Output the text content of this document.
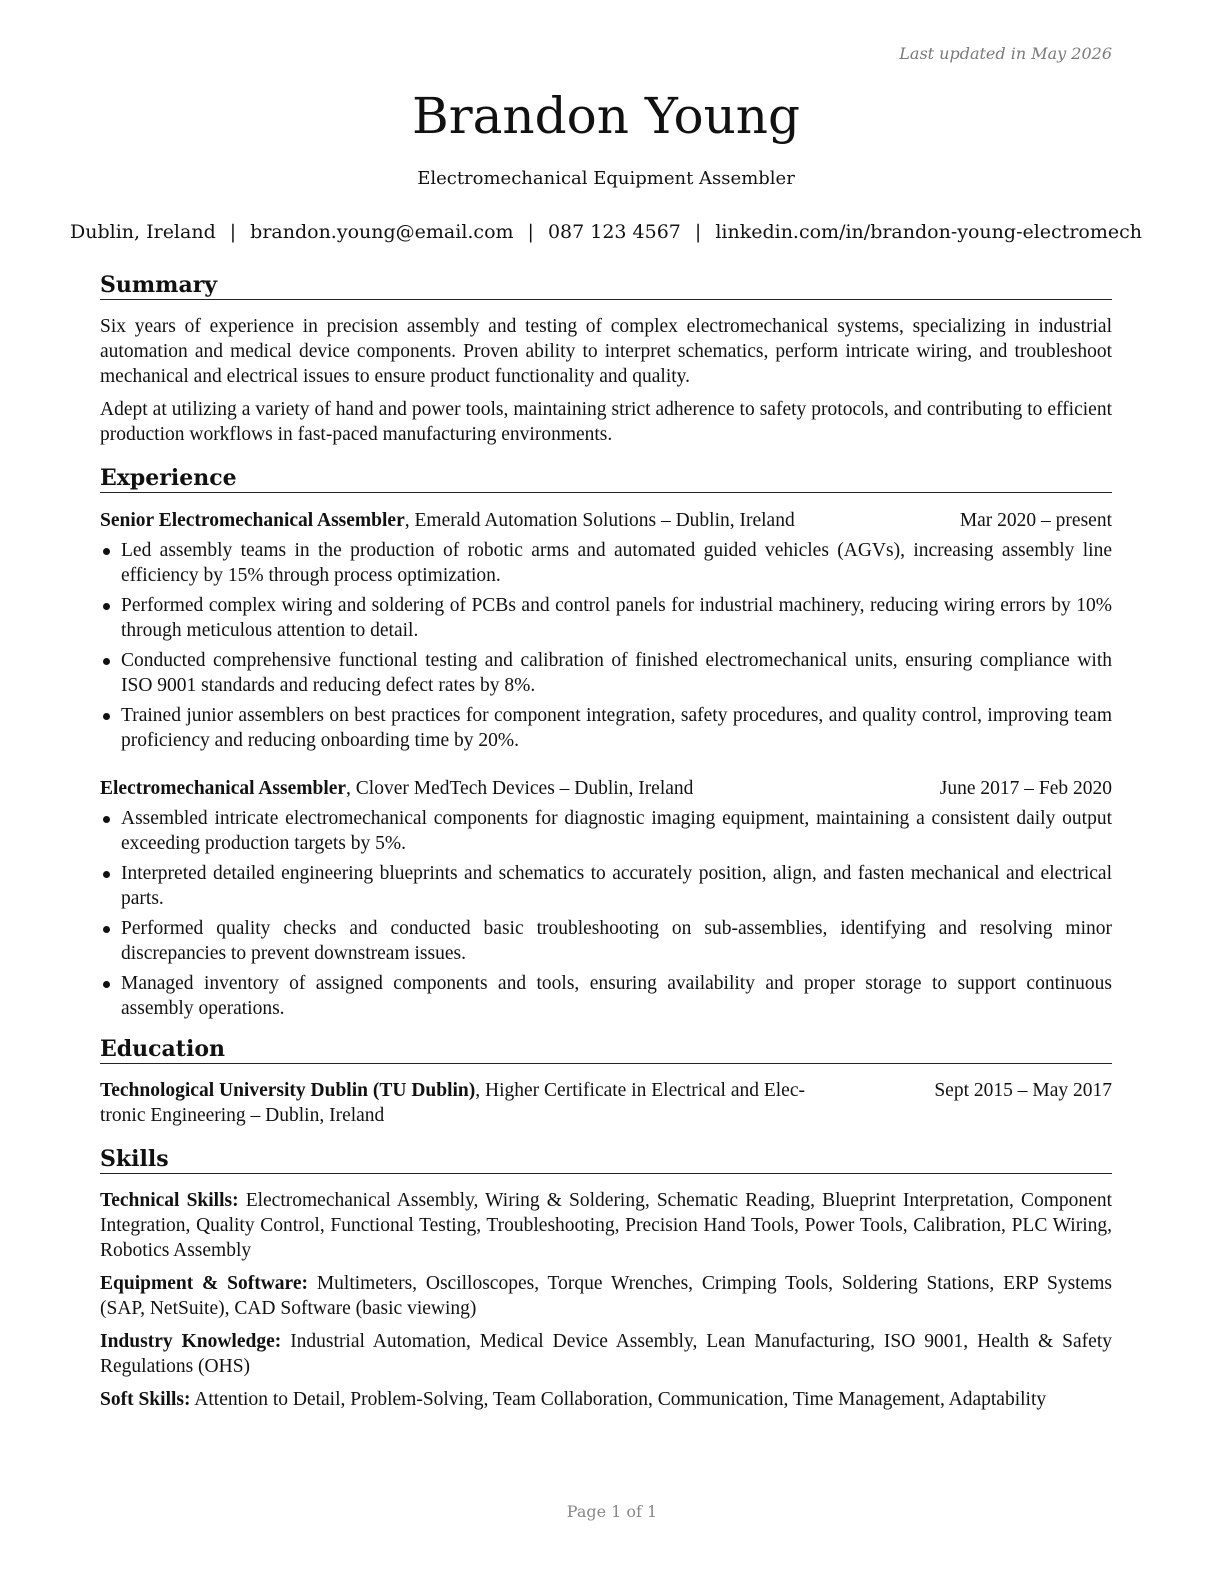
Last updated in May 2026
Brandon Young
Electromechanical Equipment Assembler
Dublin, Ireland | brandon.young@email.com | 087 123 4567 | linkedin.com/in/brandon-young-electromech
Summary

Six years of experience in precision assembly and testing of complex electromechanical systems, specializing in industrial automation and medical device components. Proven ability to interpret schematics, perform intricate wiring, and troubleshoot mechanical and electrical issues to ensure product functionality and quality.

Adept at utilizing a variety of hand and power tools, maintaining strict adherence to safety protocols, and contributing to efficient production workflows in fast-paced manufacturing environments.

Experience
Senior Electromechanical Assembler, Emerald Automation Solutions – Dublin, Ireland	Mar 2020 – present
Led assembly teams in the production of robotic arms and automated guided vehicles (AGVs), increasing assembly line efficiency by 15% through process optimization.
Performed complex wiring and soldering of PCBs and control panels for industrial machinery, reducing wiring errors by 10% through meticulous attention to detail.
Conducted comprehensive functional testing and calibration of finished electromechanical units, ensuring compliance with ISO 9001 standards and reducing defect rates by 8%.
Trained junior assemblers on best practices for component integration, safety procedures, and quality control, improving team proficiency and reducing onboarding time by 20%.
Electromechanical Assembler, Clover MedTech Devices – Dublin, Ireland	June 2017 – Feb 2020
Assembled intricate electromechanical components for diagnostic imaging equipment, maintaining a consistent daily output exceeding production targets by 5%.
Interpreted detailed engineering blueprints and schematics to accurately position, align, and fasten mechanical and electrical parts.
Performed quality checks and conducted basic troubleshooting on sub-assemblies, identifying and resolving minor discrepancies to prevent downstream issues.
Managed inventory of assigned components and tools, ensuring availability and proper storage to support continuous assembly operations.
Education
Technological University Dublin (TU Dublin), Higher Certificate in Electrical and Elec-
tronic Engineering – Dublin, Ireland
Sept 2015 – May 2017
Skills

Technical Skills: Electromechanical Assembly, Wiring & Soldering, Schematic Reading, Blueprint Interpretation, Component Integration, Quality Control, Functional Testing, Troubleshooting, Precision Hand Tools, Power Tools, Calibration, PLC Wiring, Robotics Assembly

Equipment & Software: Multimeters, Oscilloscopes, Torque Wrenches, Crimping Tools, Soldering Stations, ERP Systems (SAP, NetSuite), CAD Software (basic viewing)

Industry Knowledge: Industrial Automation, Medical Device Assembly, Lean Manufacturing, ISO 9001, Health & Safety Regulations (OHS)

Soft Skills: Attention to Detail, Problem-Solving, Team Collaboration, Communication, Time Management, Adaptability

Page 1 of 1
